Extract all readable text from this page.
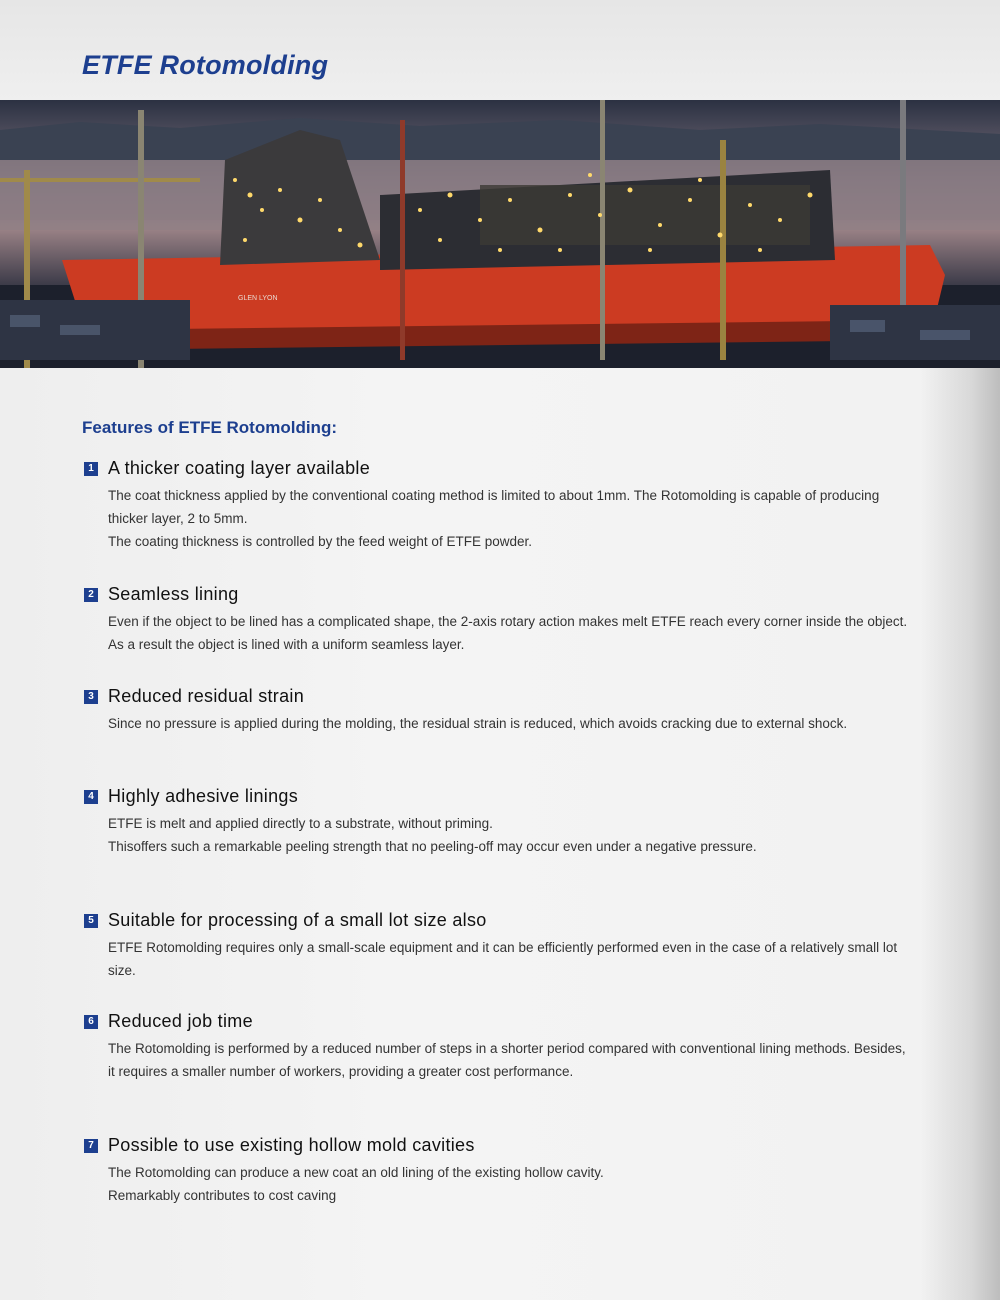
ETFE Rotomolding
GLEN LYON
Features of ETFE Rotomolding:
1 A thicker coating layer available

The coat thickness applied by the conventional coating method is limited to about 1mm. The Rotomolding is capable of producing thicker layer, 2 to 5mm.

The coating thickness is controlled by the feed weight of ETFE powder.

2 Seamless lining

Even if the object to be lined has a complicated shape, the 2-axis rotary action makes melt ETFE reach every corner inside the object. As a result the object is lined with a uniform seamless layer.

3 Reduced residual strain

Since no pressure is applied during the molding, the residual strain is reduced, which avoids cracking due to external shock.

4 Highly adhesive linings

ETFE is melt and applied directly to a substrate, without priming.

Thisoffers such a remarkable peeling strength that no peeling-off may occur even under a negative pressure.

5 Suitable for processing of a small lot size also

ETFE Rotomolding requires only a small-scale equipment and it can be efficiently performed even in the case of a relatively small lot size.

6 Reduced job time

The Rotomolding is performed by a reduced number of steps in a shorter period compared with conventional lining methods. Besides, it requires a smaller number of workers, providing a greater cost performance.

7 Possible to use existing hollow mold cavities

The Rotomolding can produce a new coat an old lining of the existing hollow cavity.

Remarkably contributes to cost caving
